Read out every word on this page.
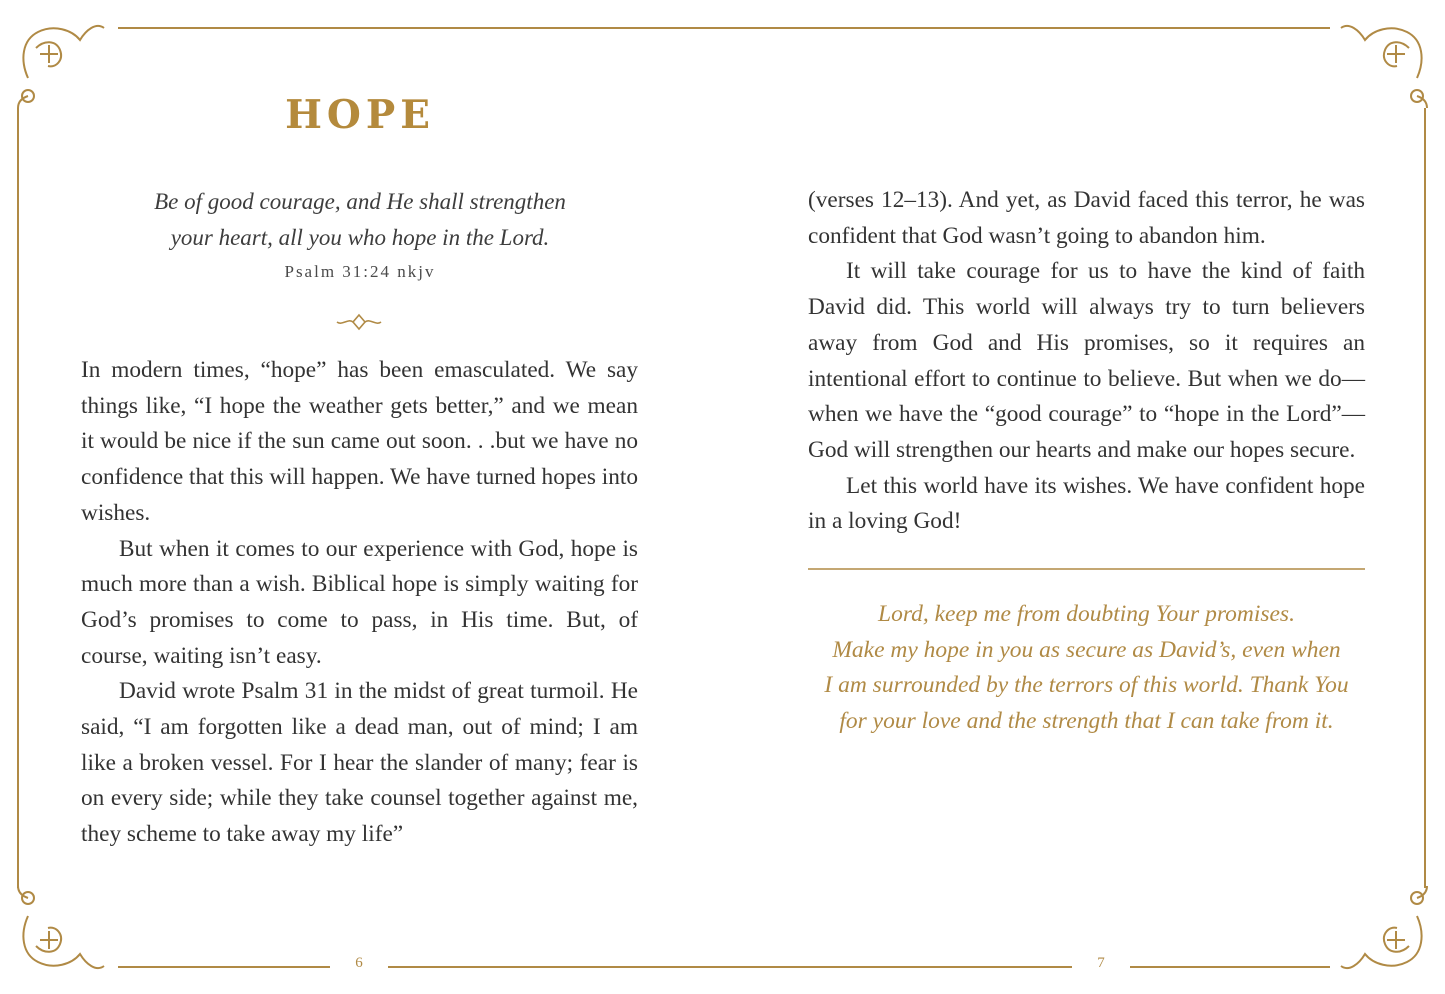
HOPE
Be of good courage, and He shall strengthen
your heart, all you who hope in the Lord.
Psalm 31:24 nkjv

In modern times, “hope” has been emasculated. We say things like, “I hope the weather gets better,” and we mean it would be nice if the sun came out soon. . .but we have no confidence that this will happen. We have turned hopes into wishes.

But when it comes to our experience with God, hope is much more than a wish. Biblical hope is simply waiting for God’s promises to come to pass, in His time. But, of course, waiting isn’t easy.

David wrote Psalm 31 in the midst of great turmoil. He said, “I am forgotten like a dead man, out of mind; I am like a broken vessel. For I hear the slander of many; fear is on every side; while they take counsel together against me, they scheme to take away my life”

6

(verses 12–13). And yet, as David faced this terror, he was confident that God wasn’t going to abandon him.

It will take courage for us to have the kind of faith David did. This world will always try to turn believers away from God and His promises, so it requires an intentional effort to continue to believe. But when we do—when we have the “good courage” to “hope in the Lord”—God will strengthen our hearts and make our hopes secure.

Let this world have its wishes. We have confident hope in a loving God!

Lord, keep me from doubting Your promises.
Make my hope in you as secure as David’s, even when
I am surrounded by the terrors of this world. Thank You
for your love and the strength that I can take from it.
7
